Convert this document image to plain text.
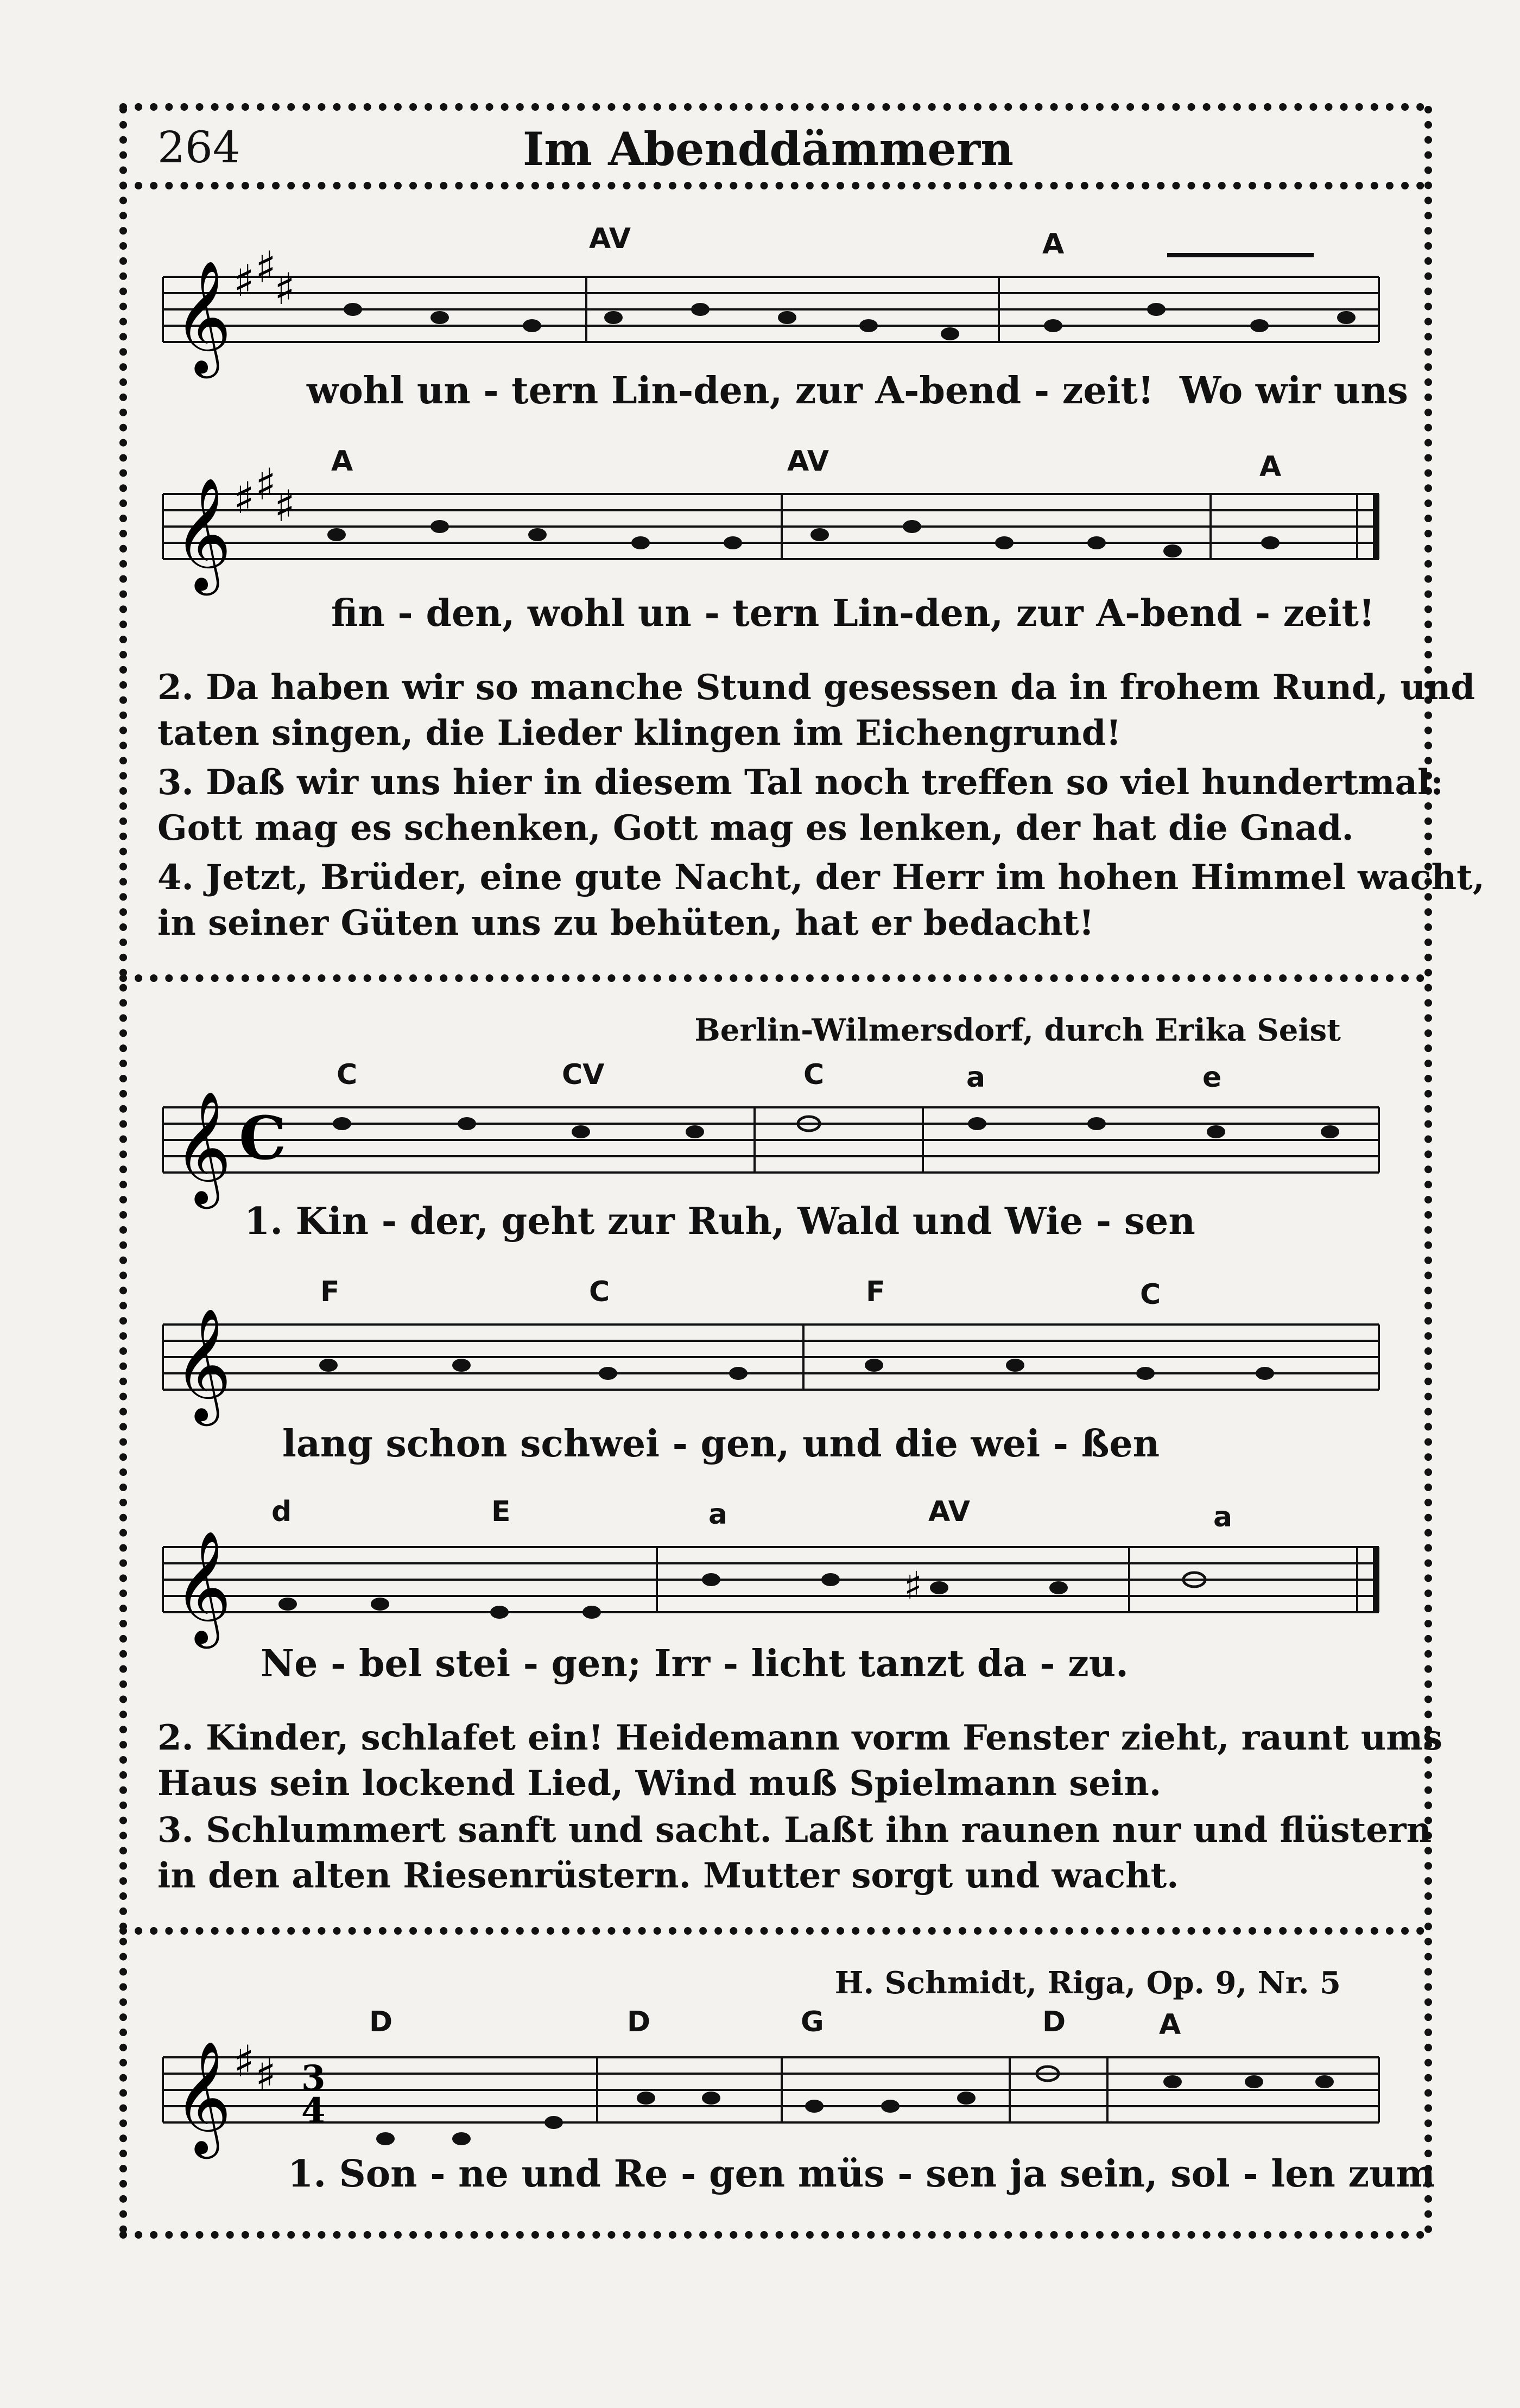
264	Im Abenddämmern
AV	A
𝄞 ♯ ♯
♯
wohl un - tern Lin-den, zur A-bend - zeit!  Wo wir uns
A	AV	A
𝄞 ♯ ♯
♯
fin - den, wohl un - tern Lin-den, zur A-bend - zeit!
2. Da haben wir so manche Stund gesessen da in frohem Rund, und
taten singen, die Lieder klingen im Eichengrund!
3. Daß wir uns hier in diesem Tal noch treffen so viel hundertmal:
Gott mag es schenken, Gott mag es lenken, der hat die Gnad.
4. Jetzt, Brüder, eine gute Nacht, der Herr im hohen Himmel wacht,
in seiner Güten uns zu behüten, hat er bedacht!
Berlin-Wilmersdorf, durch Erika Seist
C	CV	C	a	e
𝄞 C
1. Kin - der, geht zur Ruh, Wald und Wie - sen
F	C	F	C
𝄞
lang schon schwei - gen, und die wei - ßen
d	E	a	AV	a
𝄞	♯
Ne - bel stei - gen; Irr - licht tanzt da - zu.
2. Kinder, schlafet ein! Heidemann vorm Fenster zieht, raunt ums
Haus sein lockend Lied, Wind muß Spielmann sein.
3. Schlummert sanft und sacht. Laßt ihn raunen nur und flüstern
in den alten Riesenrüstern. Mutter sorgt und wacht.
H. Schmidt, Riga, Op. 9, Nr. 5
D	D	G	D	A
𝄞 ♯ ♯ 3
4
1. Son - ne und Re - gen müs - sen ja sein, sol - len zum
